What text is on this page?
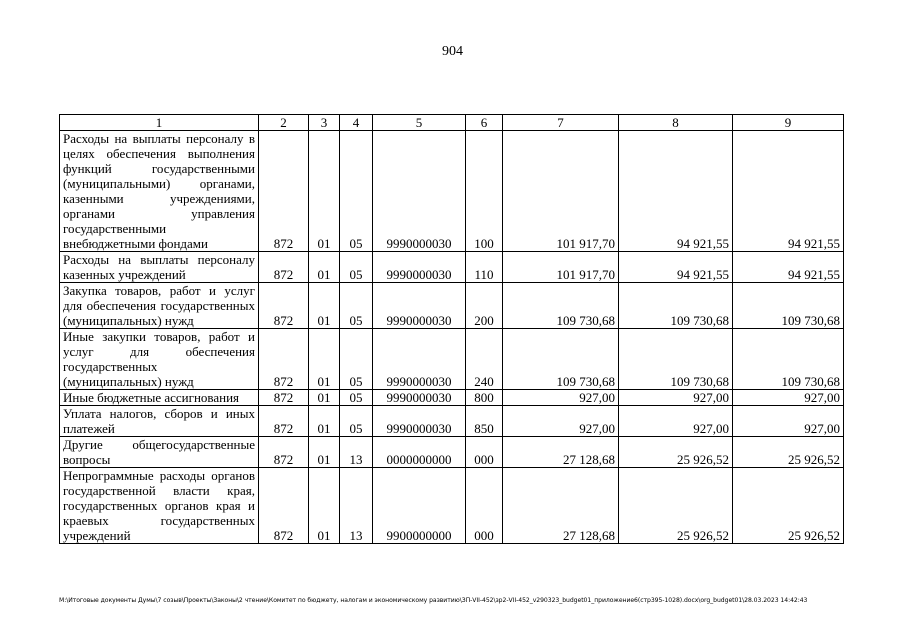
904
1	2	3	4	5	6	7	8	9
Расходы на выплаты персоналу в целях обеспечения выполнения функций государственными (муниципальными) органами, казенными учреждениями, органами управления государственными внебюджетными фондами	872	01	05	9990000030	100	101 917,70	94 921,55	94 921,55
Расходы на выплаты персоналу казенных учреждений	872	01	05	9990000030	110	101 917,70	94 921,55	94 921,55
Закупка товаров, работ и услуг для обеспечения государственных (муниципальных) нужд	872	01	05	9990000030	200	109 730,68	109 730,68	109 730,68
Иные закупки товаров, работ и услуг для обеспечения государственных (муниципальных) нужд	872	01	05	9990000030	240	109 730,68	109 730,68	109 730,68
Иные бюджетные ассигнования	872	01	05	9990000030	800	927,00	927,00	927,00
Уплата налогов, сборов и иных платежей	872	01	05	9990000030	850	927,00	927,00	927,00
Другие общегосударственные вопросы	872	01	13	0000000000	000	27 128,68	25 926,52	25 926,52
Непрограммные расходы органов государственной власти края, государственных органов края и краевых государственных учреждений	872	01	13	9900000000	000	27 128,68	25 926,52	25 926,52
M:\Итоговые документы Думы\7 созыв\Проекты\Законы\2 чтение\Комитет по бюджету, налогам и экономическому развитию\ЗП-VII-452\зр2-VII-452_v290323_budget01_приложение6(стр395-1028).docx\org_budget01\28.03.2023 14:42:43
